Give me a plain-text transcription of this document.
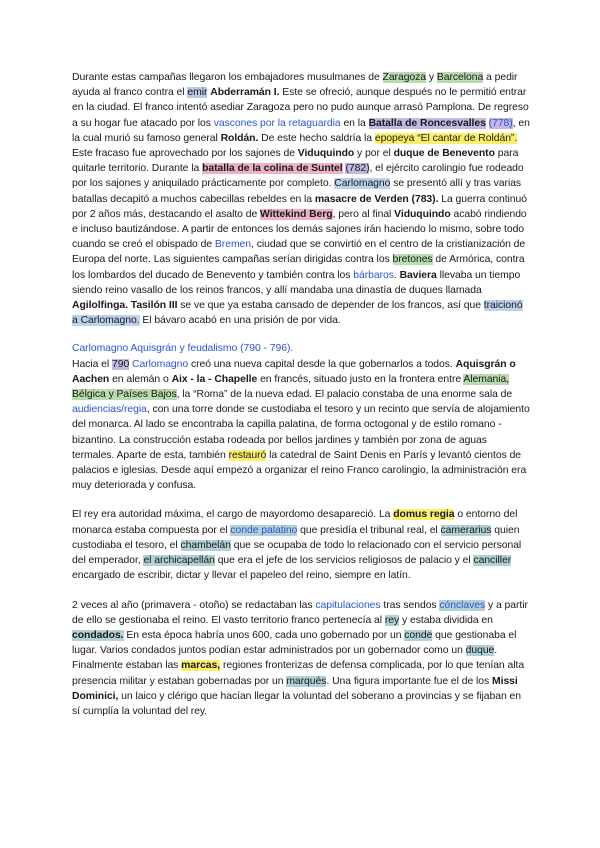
Durante estas campañas llegaron los embajadores musulmanes de Zaragoza y Barcelona a pedir ayuda al franco contra el emir Abderramán I. Este se ofreció, aunque después no le permitió entrar en la ciudad. El franco intentó asediar Zaragoza pero no pudo aunque arrasó Pamplona. De regreso a su hogar fue atacado por los vascones por la retaguardia en la Batalla de Roncesvalles (778), en la cual murió su famoso general Roldán. De este hecho saldría la epopeya “El cantar de Roldán”. Este fracaso fue aprovechado por los sajones de Viduquindo y por el duque de Benevento para quitarle territorio. Durante la batalla de la colina de Suntel (782), el ejército carolingio fue rodeado por los sajones y aniquilado prácticamente por completo. Carlomagno se presentó allí y tras varias batallas decapitó a muchos cabecillas rebeldes en la masacre de Verden (783). La guerra continuó por 2 años más, destacando el asalto de Wittekind Berg, pero al final Viduquindo acabó rindiendo e incluso bautizándose. A partir de entonces los demás sajones irán haciendo lo mismo, sobre todo cuando se creó el obispado de Bremen, ciudad que se convirtió en el centro de la cristianización de Europa del norte. Las siguientes campañas serían dirigidas contra los bretones de Armórica, contra los lombardos del ducado de Benevento y también contra los bárbaros. Baviera llevaba un tiempo siendo reino vasallo de los reinos francos, y allí mandaba una dinastía de duques llamada Agilolfinga. Tasilón III se ve que ya estaba cansado de depender de los francos, así que traicionó a Carlomagno. El bávaro acabó en una prisión de por vida.

Carlomagno Aquisgrán y feudalismo (790 - 796).

Hacia el 790 Carlomagno creó una nueva capital desde la que gobernarlos a todos. Aquisgrán o Aachen en alemán o Aix - la - Chapelle en francés, situado justo en la frontera entre Alemania, Bélgica y Países Bajos, la “Roma” de la nueva edad. El palacio constaba de una enorme sala de audiencias/regia, con una torre donde se custodiaba el tesoro y un recinto que servía de alojamiento del monarca. Al lado se encontraba la capilla palatina, de forma octogonal y de estilo romano - bizantino. La construcción estaba rodeada por bellos jardines y también por zona de aguas termales. Aparte de esta, también restauró la catedral de Saint Denis en París y levantó cientos de palacios e iglesias. Desde aquí empezó a organizar el reino Franco carolingio, la administración era muy deteriorada y confusa.

El rey era autoridad máxima, el cargo de mayordomo desapareció. La domus regia o entorno del monarca estaba compuesta por el conde palatino que presidía el tribunal real, el camerarius quien custodiaba el tesoro, el chambelán que se ocupaba de todo lo relacionado con el servicio personal del emperador, el archicapellán que era el jefe de los servicios religiosos de palacio y el canciller encargado de escribir, dictar y llevar el papeleo del reino, siempre en latín.

2 veces al año (primavera - otoño) se redactaban las capitulaciones tras sendos cónclaves y a partir de ello se gestionaba el reino. El vasto territorio franco pertenecía al rey y estaba dividida en condados. En esta época habría unos 600, cada uno gobernado por un conde que gestionaba el lugar. Varios condados juntos podían estar administrados por un gobernador como un duque.

Finalmente estaban las marcas, regiones fronterizas de defensa complicada, por lo que tenían alta presencia militar y estaban gobernadas por un marqués. Una figura importante fue el de los Missi Dominici, un laico y clérigo que hacían llegar la voluntad del soberano a provincias y se fijaban en sí cumplía la voluntad del rey.
